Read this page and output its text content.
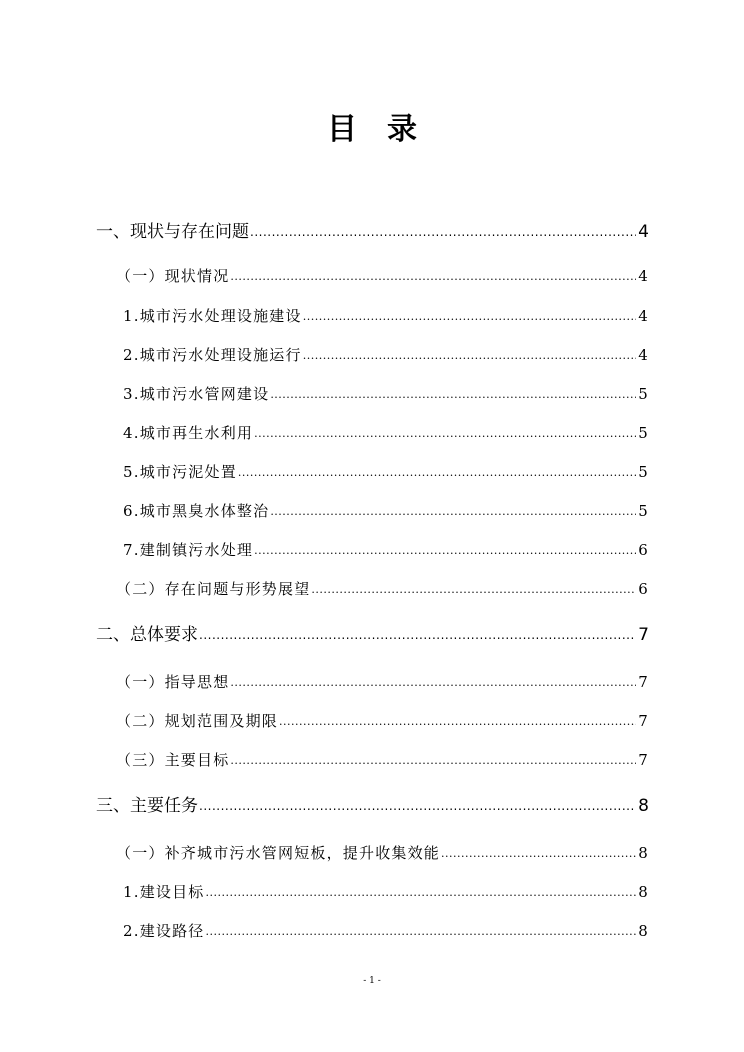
目 录
一、现状与存在问题 .....	4
（一）现状情况 .....	4
1.城市污水处理设施建设 .....	4
2.城市污水处理设施运行 .....	4
3.城市污水管网建设 .....	5
4.城市再生水利用 .....	5
5.城市污泥处置 .....	5
6.城市黑臭水体整治 .....	5
7.建制镇污水处理 .....	6
（二）存在问题与形势展望 .....	6
二、总体要求 .....	7
（一）指导思想 .....	7
（二）规划范围及期限 .....	7
（三）主要目标 .....	7
三、主要任务 .....	8
（一）补齐城市污水管网短板，提升收集效能 .....	8
1.建设目标 .....	8
2.建设路径 .....	8
- 1 -
